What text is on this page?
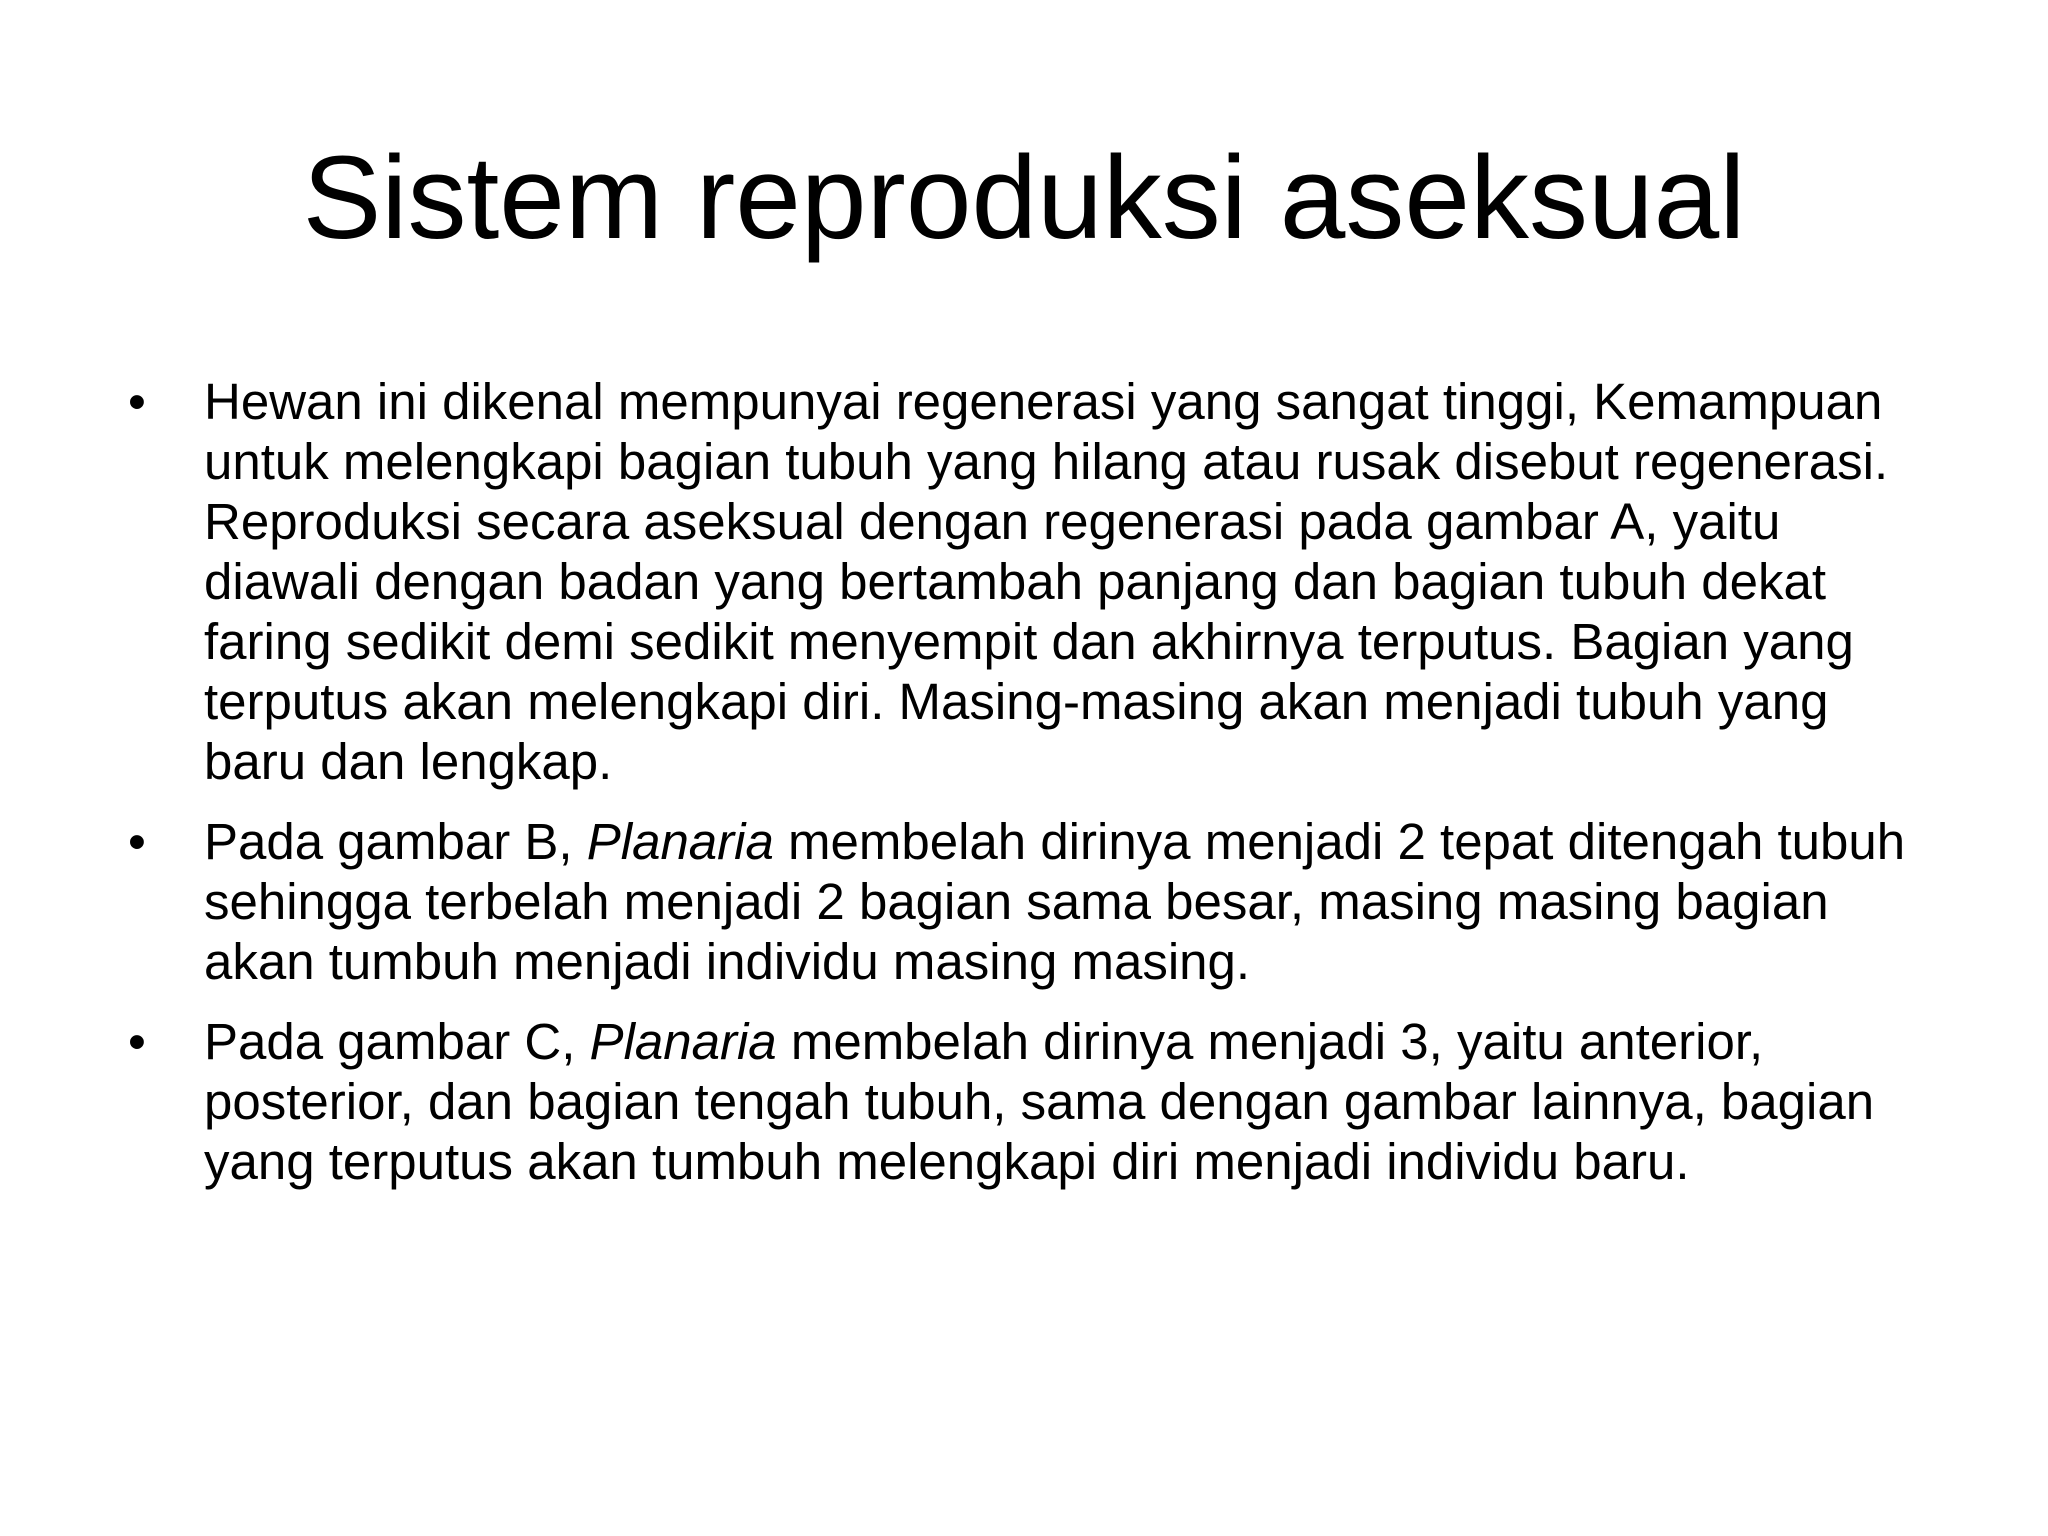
Sistem reproduksi aseksual
•	Hewan ini dikenal mempunyai regenerasi yang sangat tinggi, Kemampuan untuk melengkapi bagian tubuh yang hilang atau rusak disebut regenerasi. Reproduksi secara aseksual dengan regenerasi pada gambar A, yaitu diawali dengan badan yang bertambah panjang dan bagian tubuh dekat faring sedikit demi sedikit menyempit dan akhirnya terputus. Bagian yang terputus akan melengkapi diri. Masing-masing akan menjadi tubuh yang baru dan lengkap.
•	Pada gambar B, Planaria membelah dirinya menjadi 2 tepat ditengah tubuh sehingga terbelah menjadi 2 bagian sama besar, masing masing bagian akan tumbuh menjadi individu masing masing.
•	Pada gambar C, Planaria membelah dirinya menjadi 3, yaitu anterior, posterior, dan bagian tengah tubuh, sama dengan gambar lainnya, bagian yang terputus akan tumbuh melengkapi diri menjadi individu baru.
